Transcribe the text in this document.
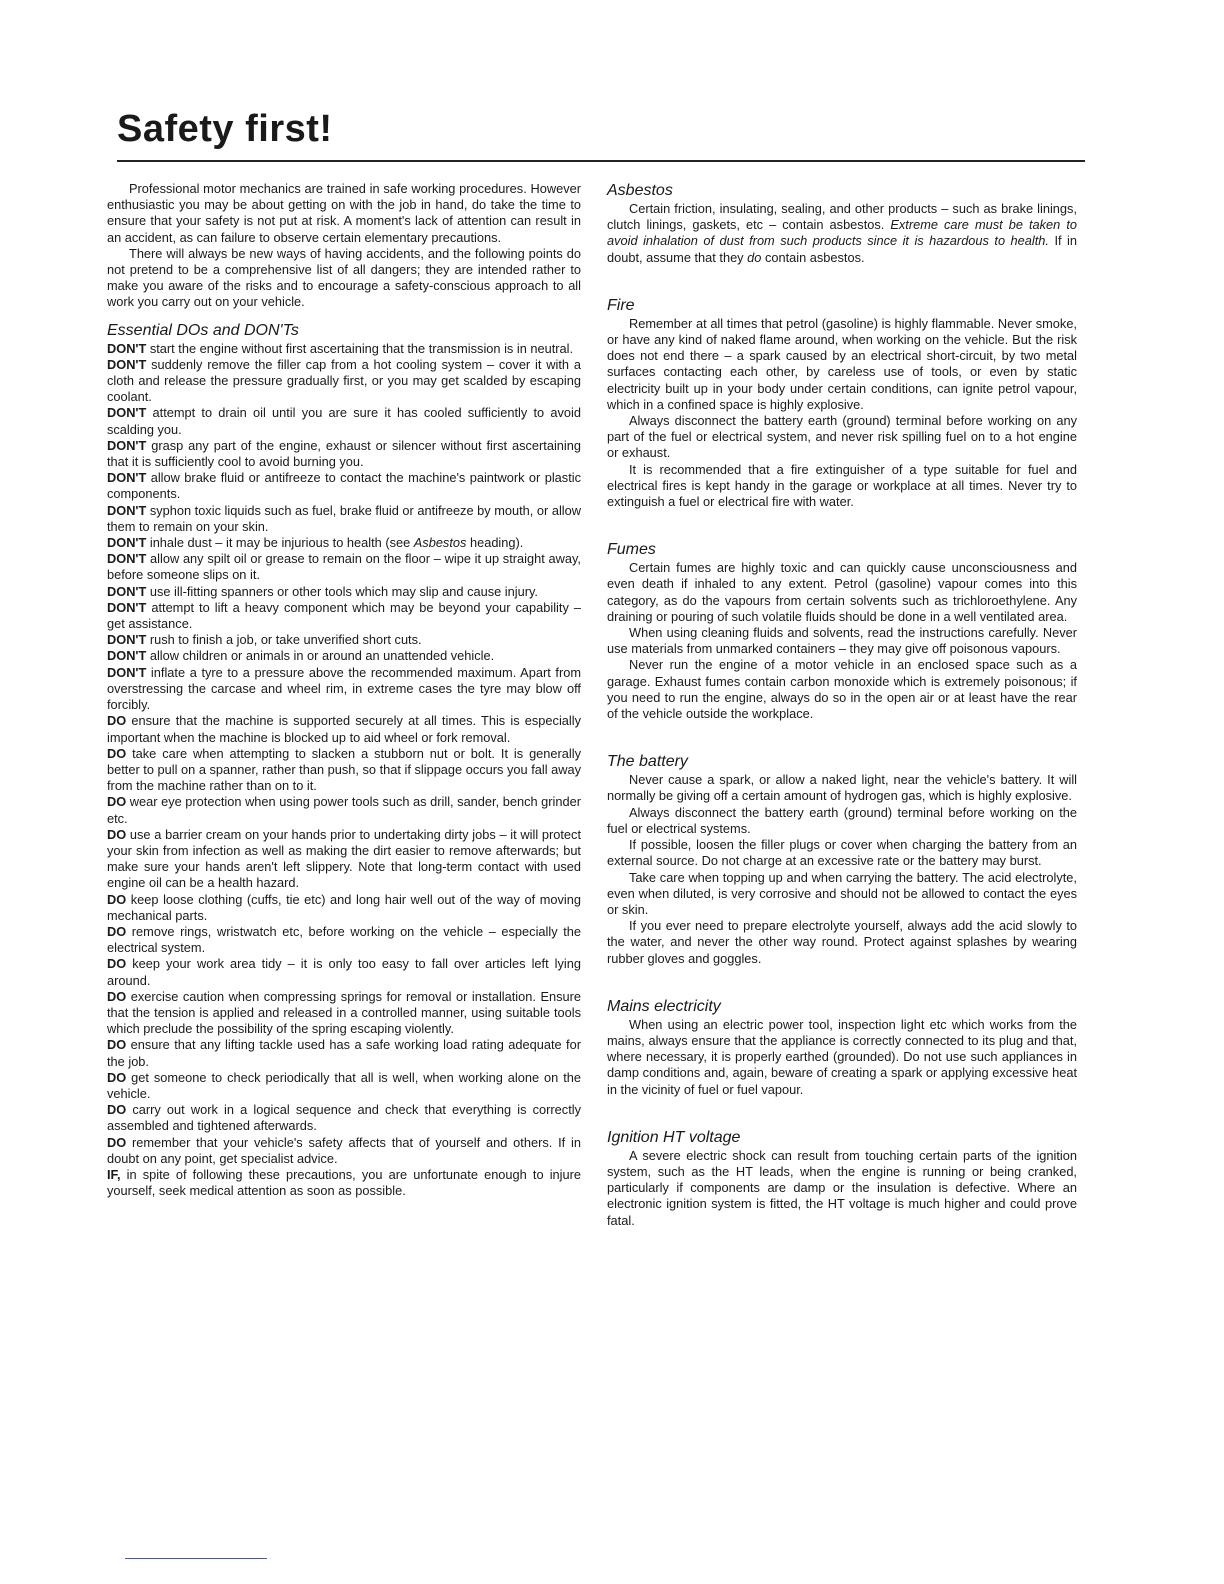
Safety first!

Professional motor mechanics are trained in safe working procedures. However enthusiastic you may be about getting on with the job in hand, do take the time to ensure that your safety is not put at risk. A moment's lack of attention can result in an accident, as can failure to observe certain elementary precautions.

There will always be new ways of having accidents, and the following points do not pretend to be a comprehensive list of all dangers; they are intended rather to make you aware of the risks and to encourage a safety-conscious approach to all work you carry out on your vehicle.

Essential DOs and DON'Ts

DON'T start the engine without first ascertaining that the transmission is in neutral.

DON'T suddenly remove the filler cap from a hot cooling system – cover it with a cloth and release the pressure gradually first, or you may get scalded by escaping coolant.

DON'T attempt to drain oil until you are sure it has cooled sufficiently to avoid scalding you.

DON'T grasp any part of the engine, exhaust or silencer without first ascertaining that it is sufficiently cool to avoid burning you.

DON'T allow brake fluid or antifreeze to contact the machine's paintwork or plastic components.

DON'T syphon toxic liquids such as fuel, brake fluid or antifreeze by mouth, or allow them to remain on your skin.

DON'T inhale dust – it may be injurious to health (see Asbestos heading).

DON'T allow any spilt oil or grease to remain on the floor – wipe it up straight away, before someone slips on it.

DON'T use ill-fitting spanners or other tools which may slip and cause injury.

DON'T attempt to lift a heavy component which may be beyond your capability – get assistance.

DON'T rush to finish a job, or take unverified short cuts.

DON'T allow children or animals in or around an unattended vehicle.

DON'T inflate a tyre to a pressure above the recommended maximum. Apart from overstressing the carcase and wheel rim, in extreme cases the tyre may blow off forcibly.

DO ensure that the machine is supported securely at all times. This is especially important when the machine is blocked up to aid wheel or fork removal.

DO take care when attempting to slacken a stubborn nut or bolt. It is generally better to pull on a spanner, rather than push, so that if slippage occurs you fall away from the machine rather than on to it.

DO wear eye protection when using power tools such as drill, sander, bench grinder etc.

DO use a barrier cream on your hands prior to undertaking dirty jobs – it will protect your skin from infection as well as making the dirt easier to remove afterwards; but make sure your hands aren't left slippery. Note that long-term contact with used engine oil can be a health hazard.

DO keep loose clothing (cuffs, tie etc) and long hair well out of the way of moving mechanical parts.

DO remove rings, wristwatch etc, before working on the vehicle – especially the electrical system.

DO keep your work area tidy – it is only too easy to fall over articles left lying around.

DO exercise caution when compressing springs for removal or installation. Ensure that the tension is applied and released in a controlled manner, using suitable tools which preclude the possibility of the spring escaping violently.

DO ensure that any lifting tackle used has a safe working load rating adequate for the job.

DO get someone to check periodically that all is well, when working alone on the vehicle.

DO carry out work in a logical sequence and check that everything is correctly assembled and tightened afterwards.

DO remember that your vehicle's safety affects that of yourself and others. If in doubt on any point, get specialist advice.

IF, in spite of following these precautions, you are unfortunate enough to injure yourself, seek medical attention as soon as possible.

Asbestos

Certain friction, insulating, sealing, and other products – such as brake linings, clutch linings, gaskets, etc – contain asbestos. Extreme care must be taken to avoid inhalation of dust from such products since it is hazardous to health. If in doubt, assume that they do contain asbestos.

Fire

Remember at all times that petrol (gasoline) is highly flammable. Never smoke, or have any kind of naked flame around, when working on the vehicle. But the risk does not end there – a spark caused by an electrical short-circuit, by two metal surfaces contacting each other, by careless use of tools, or even by static electricity built up in your body under certain conditions, can ignite petrol vapour, which in a confined space is highly explosive.

Always disconnect the battery earth (ground) terminal before working on any part of the fuel or electrical system, and never risk spilling fuel on to a hot engine or exhaust.

It is recommended that a fire extinguisher of a type suitable for fuel and electrical fires is kept handy in the garage or workplace at all times. Never try to extinguish a fuel or electrical fire with water.

Fumes

Certain fumes are highly toxic and can quickly cause unconsciousness and even death if inhaled to any extent. Petrol (gasoline) vapour comes into this category, as do the vapours from certain solvents such as trichloroethylene. Any draining or pouring of such volatile fluids should be done in a well ventilated area.

When using cleaning fluids and solvents, read the instructions carefully. Never use materials from unmarked containers – they may give off poisonous vapours.

Never run the engine of a motor vehicle in an enclosed space such as a garage. Exhaust fumes contain carbon monoxide which is extremely poisonous; if you need to run the engine, always do so in the open air or at least have the rear of the vehicle outside the workplace.

The battery

Never cause a spark, or allow a naked light, near the vehicle's battery. It will normally be giving off a certain amount of hydrogen gas, which is highly explosive.

Always disconnect the battery earth (ground) terminal before working on the fuel or electrical systems.

If possible, loosen the filler plugs or cover when charging the battery from an external source. Do not charge at an excessive rate or the battery may burst.

Take care when topping up and when carrying the battery. The acid electrolyte, even when diluted, is very corrosive and should not be allowed to contact the eyes or skin.

If you ever need to prepare electrolyte yourself, always add the acid slowly to the water, and never the other way round. Protect against splashes by wearing rubber gloves and goggles.

Mains electricity

When using an electric power tool, inspection light etc which works from the mains, always ensure that the appliance is correctly connected to its plug and that, where necessary, it is properly earthed (grounded). Do not use such appliances in damp conditions and, again, beware of creating a spark or applying excessive heat in the vicinity of fuel or fuel vapour.

Ignition HT voltage

A severe electric shock can result from touching certain parts of the ignition system, such as the HT leads, when the engine is running or being cranked, particularly if components are damp or the insulation is defective. Where an electronic ignition system is fitted, the HT voltage is much higher and could prove fatal.
